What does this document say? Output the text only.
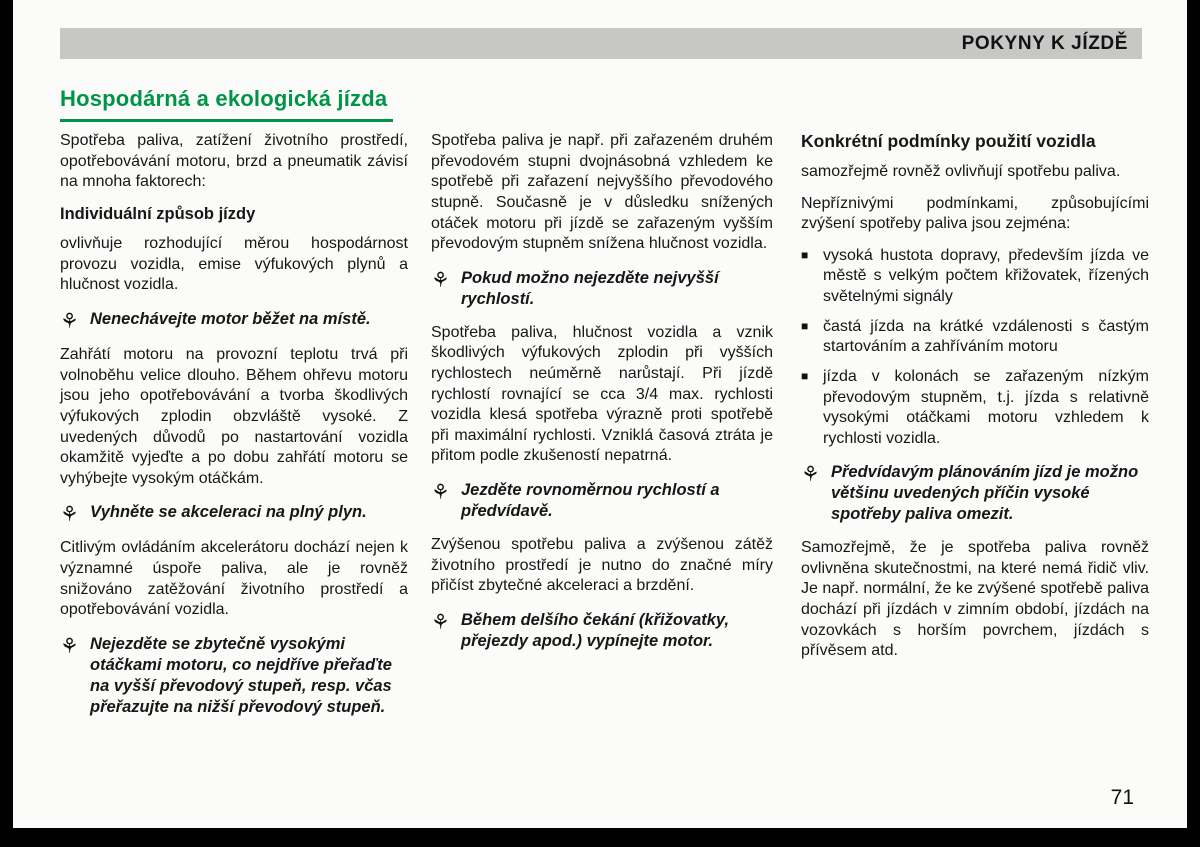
POKYNY K JÍZDĚ
Hospodárná a ekologická jízda

Spotřeba paliva, zatížení životního prostředí, opotřebovávání motoru, brzd a pneumatik závisí na mnoha faktorech:

Individuální způsob jízdy

ovlivňuje rozhodující měrou hospodárnost provozu vozidla, emise výfukových plynů a hlučnost vozidla.

⚘ Nenechávejte motor běžet na místě.

Zahřátí motoru na provozní teplotu trvá při volnoběhu velice dlouho. Během ohřevu motoru jsou jeho opotřebovávání a tvorba škodlivých výfukových zplodin obzvláště vysoké. Z uvedených důvodů po nastartování vozidla okamžitě vyjeďte a po dobu zahřátí motoru se vyhýbejte vysokým otáčkám.

⚘ Vyhněte se akceleraci na plný plyn.

Citlivým ovládáním akcelerátoru dochází nejen k významné úspoře paliva, ale je rovněž snižováno zatěžování životního prostředí a opotřebovávání vozidla.

⚘ Nejezděte se zbytečně vysokými otáčkami motoru, co nejdříve přeřaďte na vyšší převodový stupeň, resp. včas přeřazujte na nižší převodový stupeň.

Spotřeba paliva je např. při zařazeném druhém převodovém stupni dvojnásobná vzhledem ke spotřebě při zařazení nejvyššího převodového stupně. Současně je v důsledku snížených otáček motoru při jízdě se zařazeným vyšším převodovým stupněm snížena hlučnost vozidla.

⚘ Pokud možno nejezděte nejvyšší rychlostí.

Spotřeba paliva, hlučnost vozidla a vznik škodlivých výfukových zplodin při vyšších rychlostech neúměrně narůstají. Při jízdě rychlostí rovnající se cca 3/4 max. rychlosti vozidla klesá spotřeba výrazně proti spotřebě při maximální rychlosti. Vzniklá časová ztráta je přitom podle zkušeností nepatrná.

⚘ Jezděte rovnoměrnou rychlostí a předvídavě.

Zvýšenou spotřebu paliva a zvýšenou zátěž životního prostředí je nutno do značné míry přičíst zbytečné akceleraci a brzdění.

⚘ Během delšího čekání (křižovatky, přejezdy apod.) vypínejte motor.
Konkrétní podmínky použití vozidla

samozřejmě rovněž ovlivňují spotřebu paliva.

Nepříznivými podmínkami, způsobujícími zvýšení spotřeby paliva jsou zejména:

■ vysoká hustota dopravy, především jízda ve městě s velkým počtem křižovatek, řízených světelnými signály
■ častá jízda na krátké vzdálenosti s častým startováním a zahříváním motoru
■ jízda v kolonách se zařazeným nízkým převodovým stupněm, t.j. jízda s relativně vysokými otáčkami motoru vzhledem k rychlosti vozidla.
⚘ Předvídavým plánováním jízd je možno většinu uvedených příčin vysoké spotřeby paliva omezit.

Samozřejmě, že je spotřeba paliva rovněž ovlivněna skutečnostmi, na které nemá řidič vliv. Je např. normální, že ke zvýšené spotřebě paliva dochází při jízdách v zimním období, jízdách na vozovkách s horším povrchem, jízdách s přívěsem atd.

71
